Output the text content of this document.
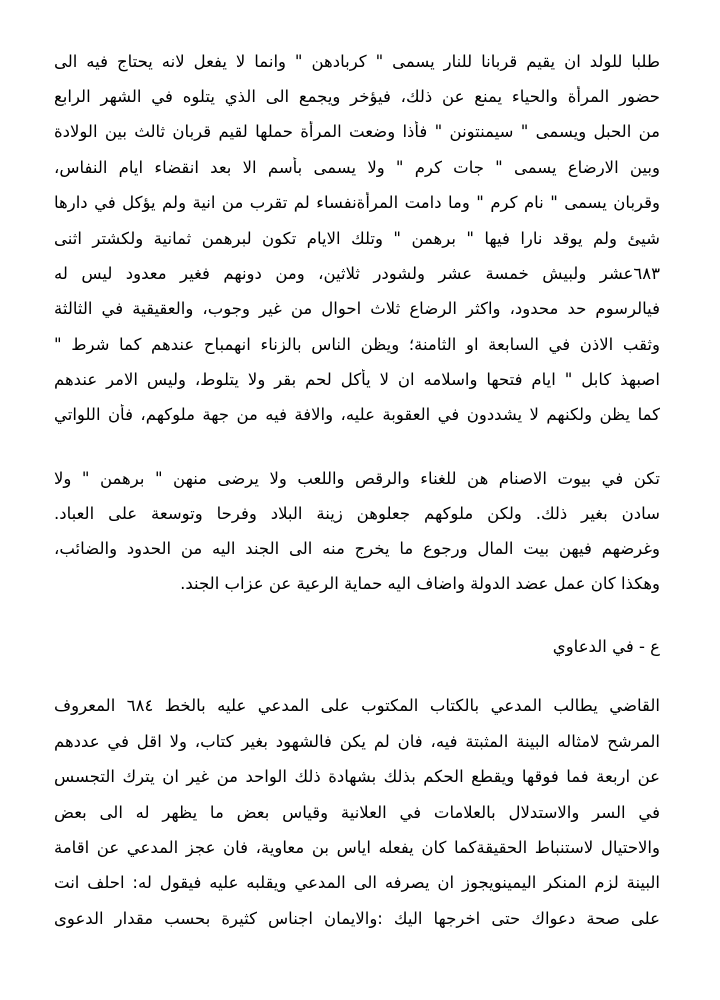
طلبا للولد ان يقيم قربانا للنار يسمى " كربادهن " وانما لا يفعل لانه يحتاج فيه الى
حضور المرأة والحياء يمنع عن ذلك، فيؤخر ويجمع الى الذي يتلوه في الشهر الرابع
من الحبل ويسمى " سيمنتونن " فأذا وضعت المرأة حملها لقيم قربان ثالث بين الولادة
وبين الارضاع يسمى " جات كرم " ولا يسمى بأسم الا بعد انقضاء ايام النفاس،
وقربان يسمى " نام كرم " وما دامت المرأةنفساء لم تقرب من انية ولم يؤكل في دارها
شيئ ولم يوقد نارا فيها " برهمن " وتلك الايام تكون لبرهمن ثمانية ولكشتر اثنى
٦٨٣عشر ولبيش خمسة عشر ولشودر ثلاثين، ومن دونهم فغير معدود ليس له
فيالرسوم حد محدود، واكثر الرضاع ثلاث احوال من غير وجوب، والعقيقية في الثالثة
وثقب الاذن في السابعة او الثامنة؛ ويظن الناس بالزناء انهمباح عندهم كما شرط "
اصبهذ كابل " ايام فتحها واسلامه ان لا يأكل لحم بقر ولا يتلوط، وليس الامر عندهم
كما يظن ولكنهم لا يشددون في العقوبة عليه، والافة فيه من جهة ملوكهم، فأن اللواتي
تكن في بيوت الاصنام هن للغناء والرقص واللعب ولا يرضى منهن " برهمن " ولا
سادن بغير ذلك. ولكن ملوكهم جعلوهن زينة البلاد وفرحا وتوسعة على العباد.
وغرضهم فيهن بيت المال ورجوع ما يخرج منه الى الجند اليه من الحدود والضائب،
وهكذا كان عمل عضد الدولة واضاف اليه حماية الرعية عن عزاب الجند.
ع - في الدعاوي
القاضي يطالب المدعي بالكتاب المكتوب على المدعي عليه بالخط ٦٨٤ المعروف
المرشح لامثاله البينة المثبتة فيه، فان لم يكن فالشهود بغير كتاب، ولا اقل في عددهم
عن اربعة فما فوقها ويقطع الحكم بذلك بشهادة ذلك الواحد من غير ان يترك التجسس
في السر والاستدلال بالعلامات في العلانية وقياس بعض ما يظهر له الى بعض
والاحتيال لاستنباط الحقيقةكما كان يفعله اياس بن معاوية، فان عجز المدعي عن اقامة
البينة لزم المنكر اليمينويجوز ان يصرفه الى المدعي ويقلبه عليه فيقول له: احلف انت
على صحة دعواك حتى اخرجها اليك :والايمان اجناس كثيرة بحسب مقدار الدعوى
